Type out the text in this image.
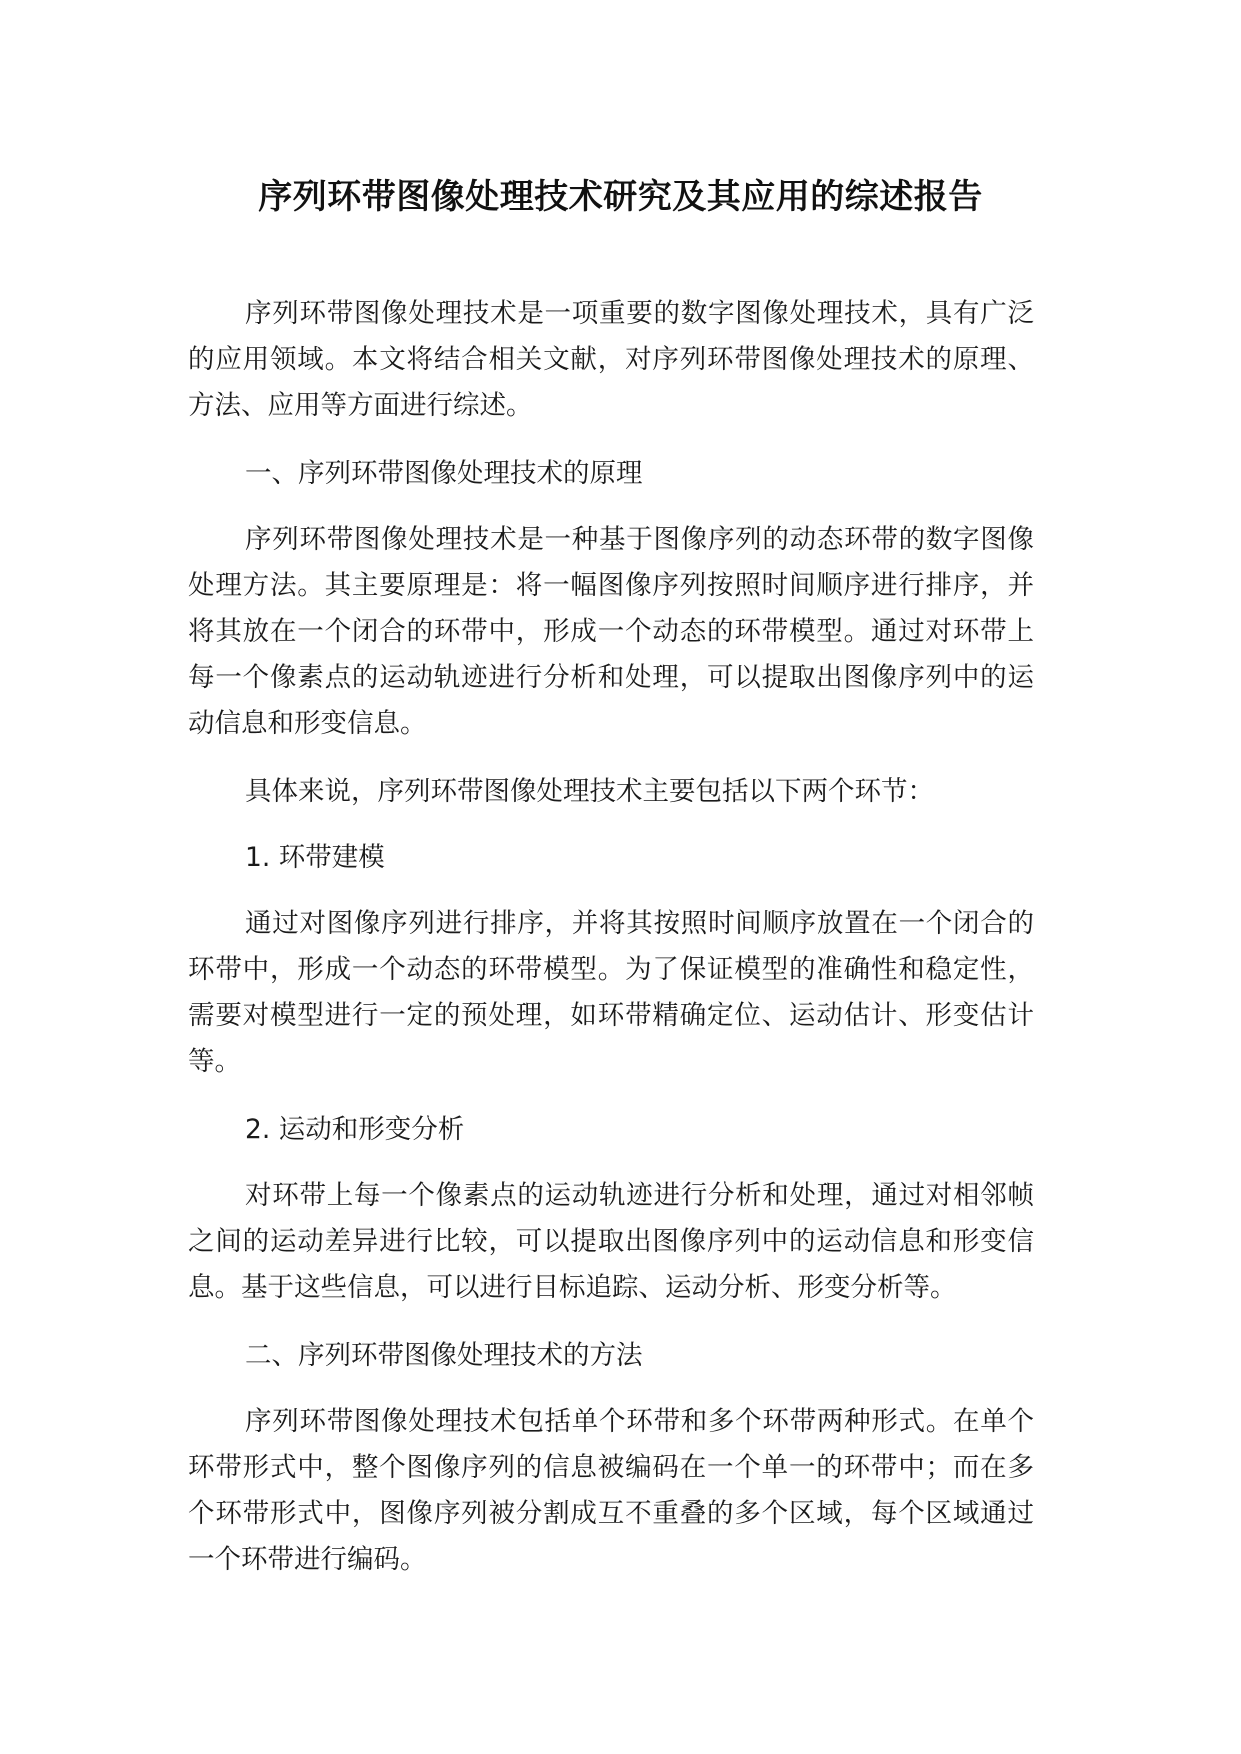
序列环带图像处理技术研究及其应用的综述报告

序列环带图像处理技术是一项重要的数字图像处理技术，具有广泛的应用领域。本文将结合相关文献，对序列环带图像处理技术的原理、方法、应用等方面进行综述。

一、序列环带图像处理技术的原理

序列环带图像处理技术是一种基于图像序列的动态环带的数字图像处理方法。其主要原理是：将一幅图像序列按照时间顺序进行排序，并将其放在一个闭合的环带中，形成一个动态的环带模型。通过对环带上每一个像素点的运动轨迹进行分析和处理，可以提取出图像序列中的运动信息和形变信息。

具体来说，序列环带图像处理技术主要包括以下两个环节：

1. 环带建模

通过对图像序列进行排序，并将其按照时间顺序放置在一个闭合的环带中，形成一个动态的环带模型。为了保证模型的准确性和稳定性，需要对模型进行一定的预处理，如环带精确定位、运动估计、形变估计等。

2. 运动和形变分析

对环带上每一个像素点的运动轨迹进行分析和处理，通过对相邻帧之间的运动差异进行比较，可以提取出图像序列中的运动信息和形变信息。基于这些信息，可以进行目标追踪、运动分析、形变分析等。

二、序列环带图像处理技术的方法

序列环带图像处理技术包括单个环带和多个环带两种形式。在单个环带形式中，整个图像序列的信息被编码在一个单一的环带中；而在多个环带形式中，图像序列被分割成互不重叠的多个区域，每个区域通过一个环带进行编码。
